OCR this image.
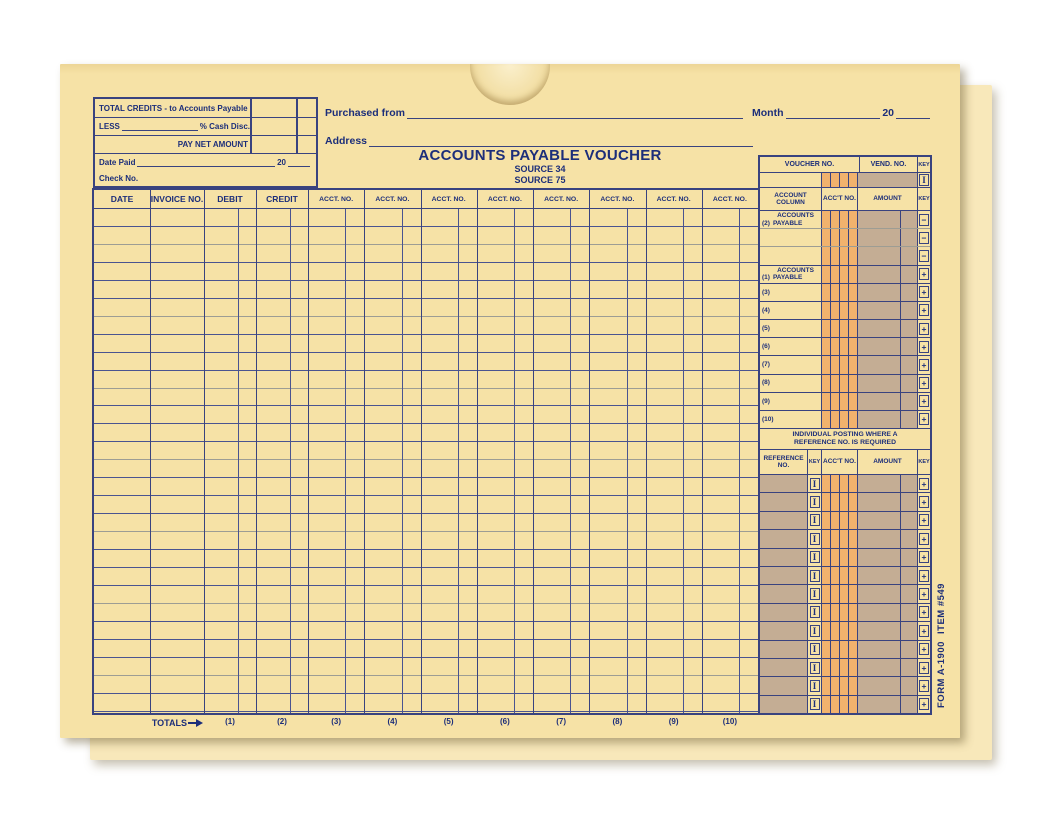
TOTAL CREDITS - to Accounts Payable
LESS	% Cash Disc.
PAY NET AMOUNT
Date Paid	20
Check No.
Purchased from	Month	20
Address
ACCOUNTS PAYABLE VOUCHER
SOURCE 34
SOURCE 75
DATE	INVOICE NO.	DEBIT	CREDIT	ACCT. NO.	ACCT. NO.	ACCT. NO.	ACCT. NO.	ACCT. NO.	ACCT. NO.	ACCT. NO.	ACCT. NO.
TOTALS	(1)	(2)	(3)	(4)	(5)	(6)	(7)	(8)	(9)	(10)
VOUCHER NO.	VEND. NO.	KEY
I
ACCOUNT
COLUMN
ACC'T NO.	AMOUNT	KEY
ACCOUNTS
(2) PAYABLE	−
−
−
ACCOUNTS
(1) PAYABLE	+
(3)	+
(4)	+
(5)	+
(6)	+
(7)	+
(8)	+
(9)	+
(10)	+
INDIVIDUAL POSTING WHERE A
REFERENCE NO. IS REQUIRED
REFERENCE
NO.
KEY ACC'T NO.	AMOUNT	KEY
I	+
I	+
I	+
I	+
I	+
I	+
I	+
I	+
I	+
I	+
I	+
I	+
I	+
ITEM #549
FORM A-1900
